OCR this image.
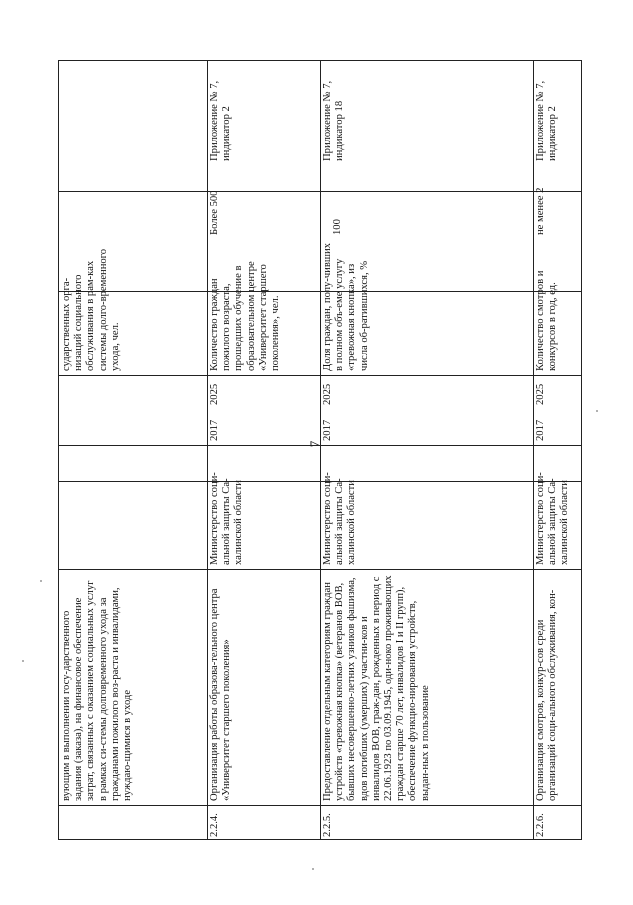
7
вующим в выполнении госу-дарственного задания (заказа), на финансовое обеспечение затрат, связанных с оказанием социальных услуг в рамках си-стемы долговременного ухода за гражданами пожилого воз-раста и инвалидами, нуждаю-щимися в уходе
сударственных орга-низаций социального обслуживания в рам-ках системы долго-временного ухода, чел.
2.2.4.
Организация работы образова-тельного центра «Университет старшего поколения»
Министерство соци-альной защиты Са-халинской области
2017
2025
Количество граждан пожилого возраста, прошедших обучение в образовательном центре «Университет старшего поколения», чел.
Более 500
Приложение № 7, индикатор 2
2.2.5.
Предоставление отдельным категориям граждан устройств «тревожная кнопка» (ветеранов ВОВ, бывших несовершенно-летних узников фашизма, вдов погибших (умерших) участни-ков и инвалидов ВОВ, граж-дан, рожденных в период с 22.06.1923 по 03.09.1945, оди-ноко проживающих граждан старше 70 лет, инвалидов I и II групп), обеспечение функцио-нирования устройств, выдан-ных в пользование
Министерство соци-альной защиты Са-халинской области
2017
2025
Доля граждан, полу-чивших в полном объ-еме услугу «тревожная кнопка», из числа об-ратившихся, %
100
Приложение № 7, индикатор 18
2.2.6.
Организация смотров, конкур-сов среди организаций соци-ального обслуживания, кон-
Министерство соци-альной защиты Са-халинской области
2017
2025
Количество смотров и конкурсов в год, ед.
не менее 2
Приложение № 7, индикатор 2
